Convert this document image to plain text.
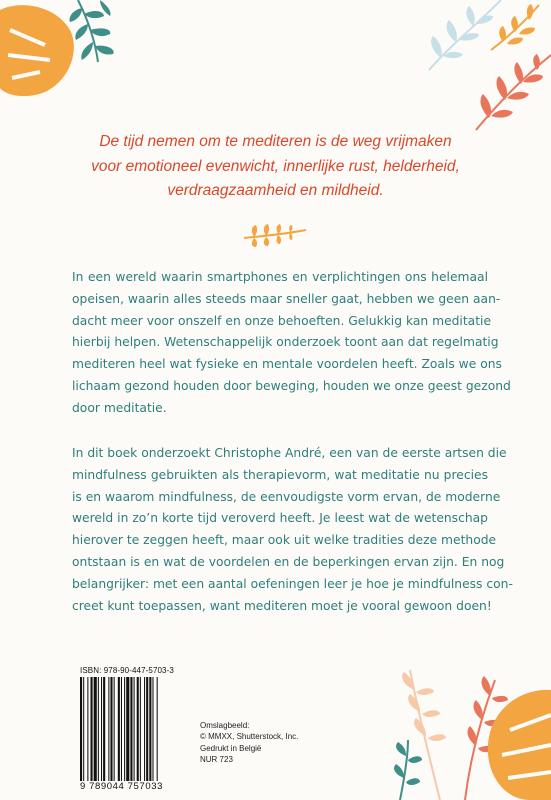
De tijd nemen om te mediteren is de weg vrijmaken
voor emotioneel evenwicht, innerlijke rust, helderheid,
verdraagzaamheid en mildheid.
In een wereld waarin smartphones en verplichtingen ons helemaal
opeisen, waarin alles steeds maar sneller gaat, hebben we geen aan-
dacht meer voor onszelf en onze behoeften. Gelukkig kan meditatie
hierbij helpen. Wetenschappelijk onderzoek toont aan dat regelmatig
mediteren heel wat fysieke en mentale voordelen heeft. Zoals we ons
lichaam gezond houden door beweging, houden we onze geest gezond
door meditatie.
In dit boek onderzoekt Christophe André, een van de eerste artsen die
mindfulness gebruikten als therapievorm, wat meditatie nu precies
is en waarom mindfulness, de eenvoudigste vorm ervan, de moderne
wereld in zo’n korte tijd veroverd heeft. Je leest wat de wetenschap
hierover te zeggen heeft, maar ook uit welke tradities deze methode
ontstaan is en wat de voordelen en de beperkingen ervan zijn. En nog
belangrijker: met een aantal oefeningen leer je hoe je mindfulness con-
creet kunt toepassen, want mediteren moet je vooral gewoon doen!
ISBN: 978-90-447-5703-3
9 789044 757033
Omslagbeeld:
© MMXX, Shutterstock, Inc.
Gedrukt in België
NUR 723
